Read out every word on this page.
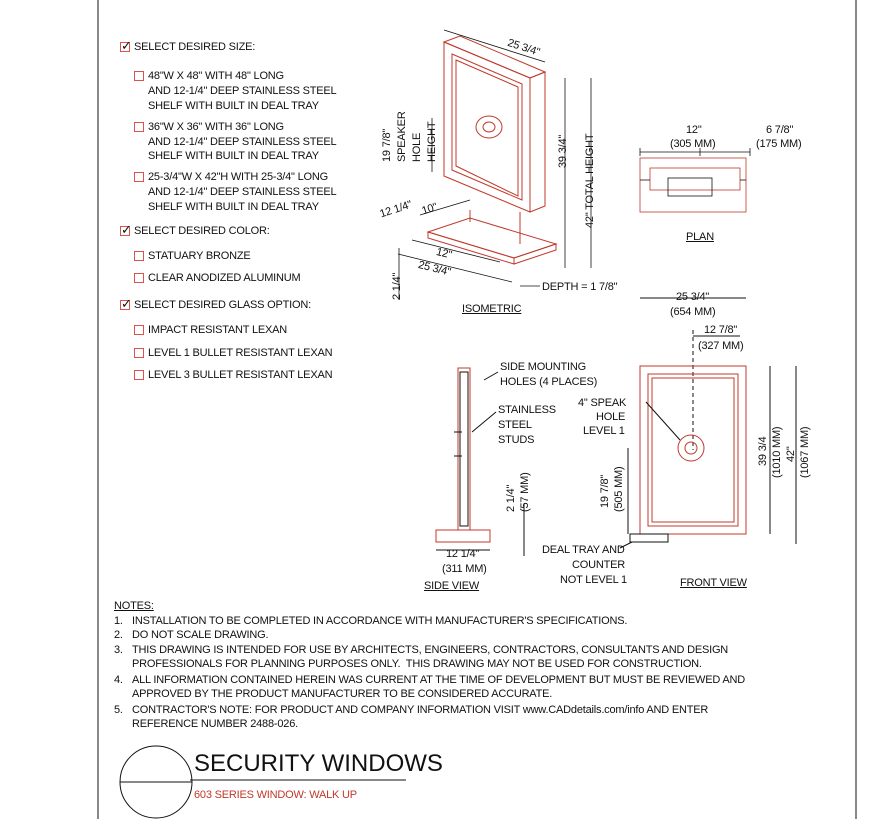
✓ SELECT DESIRED SIZE:
48"W X 48" WITH 48" LONG
AND 12-1/4" DEEP STAINLESS STEEL
SHELF WITH BUILT IN DEAL TRAY
36"W X 36" WITH 36" LONG
AND 12-1/4" DEEP STAINLESS STEEL
SHELF WITH BUILT IN DEAL TRAY
25-3/4"W X 42"H WITH 25-3/4" LONG
AND 12-1/4" DEEP STAINLESS STEEL
SHELF WITH BUILT IN DEAL TRAY
✓ SELECT DESIRED COLOR:
STATUARY BRONZE
CLEAR ANODIZED ALUMINUM
✓ SELECT DESIRED GLASS OPTION:
IMPACT RESISTANT LEXAN
LEVEL 1 BULLET RESISTANT LEXAN
LEVEL 3 BULLET RESISTANT LEXAN
25 3/4"
19 7/8" SPEAKER HOLE HEIGHT	39 3/4" 42" TOTAL HEIGHT
12 1/4" 10"
12"
25 3/4"
2 1/4"	DEPTH = 1 7/8"
ISOMETRIC
12"
(305 MM)
6 7/8"
(175 MM)
PLAN
SIDE MOUNTING
HOLES (4 PLACES)
STAINLESS
STEEL
STUDS
2 1/4" (57 MM)
12 1/4"
(311 MM)
SIDE VIEW
25 3/4"
(654 MM)
12 7/8"
(327 MM)
4" SPEAK
HOLE
LEVEL 1
19 7/8" (505 MM)
39 3/4 (1010 MM) 42" (1067 MM)
DEAL TRAY AND
COUNTER
NOT LEVEL 1	FRONT VIEW
NOTES:
1. INSTALLATION TO BE COMPLETED IN ACCORDANCE WITH MANUFACTURER'S SPECIFICATIONS.
2. DO NOT SCALE DRAWING.
3. THIS DRAWING IS INTENDED FOR USE BY ARCHITECTS, ENGINEERS, CONTRACTORS, CONSULTANTS AND DESIGN
PROFESSIONALS FOR PLANNING PURPOSES ONLY.  THIS DRAWING MAY NOT BE USED FOR CONSTRUCTION.
4. ALL INFORMATION CONTAINED HEREIN WAS CURRENT AT THE TIME OF DEVELOPMENT BUT MUST BE REVIEWED AND
APPROVED BY THE PRODUCT MANUFACTURER TO BE CONSIDERED ACCURATE.
5. CONTRACTOR'S NOTE: FOR PRODUCT AND COMPANY INFORMATION VISIT www.CADdetails.com/info AND ENTER
REFERENCE NUMBER 2488-026.
SECURITY WINDOWS
603 SERIES WINDOW: WALK UP
